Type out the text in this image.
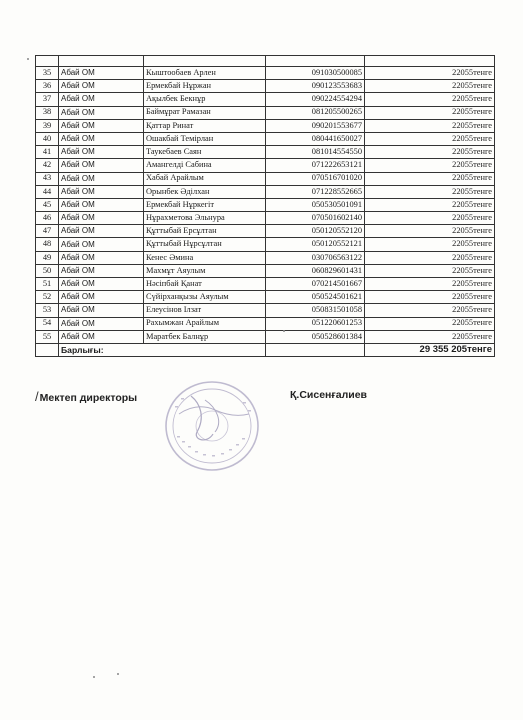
35	Абай ОМ	Кыштообаев Арлен	091030500085	22055тенге
36	Абай ОМ	Ермекбай Нұржан	090123553683	22055тенге
37	Абай ОМ	Ақылбек Бекнұр	090224554294	22055тенге
38	Абай ОМ	Баймұрат Рамазан	081205500265	22055тенге
39	Абай ОМ	Қаттар Ринат	090201553677	22055тенге
40	Абай ОМ	Ошакбай Темірлан	080441650027	22055тенге
41	Абай ОМ	Таукебаев Саян	081014554550	22055тенге
42	Абай ОМ	Амангелді Сабина	071222653121	22055тенге
43	Абай ОМ	Хабай Арайлым	070516701020	22055тенге
44	Абай ОМ	Орынбек Әділхан	071228552665	22055тенге
45	Абай ОМ	Ермекбай Нұркегіт	050530501091	22055тенге
46	Абай ОМ	Нұрахметова Эльнура	070501602140	22055тенге
47	Абай ОМ	Құттыбай Ерсұлтан	050120552120	22055тенге
48	Абай ОМ	Құттыбай Нұрсұлтан	050120552121	22055тенге
49	Абай ОМ	Кенес Әмина	030706563122	22055тенге
50	Абай ОМ	Махмұт Аяулым	060829601431	22055тенге
51	Абай ОМ	Нәсіпбай Қанат	070214501667	22055тенге
52	Абай ОМ	Сүйірханқызы Аяулым	050524501621	22055тенге
53	Абай ОМ	Елеусінов Ілзат	050831501058	22055тенге
54	Абай ОМ	Рахымжан Арайлым	051220601253	22055тенге
55	Абай ОМ	Маратбек Балнұр	050528601384	22055тенге
	Барлығы:			29 355 205тенге
/Мектеп директоры	Қ.Сисенғалиев
